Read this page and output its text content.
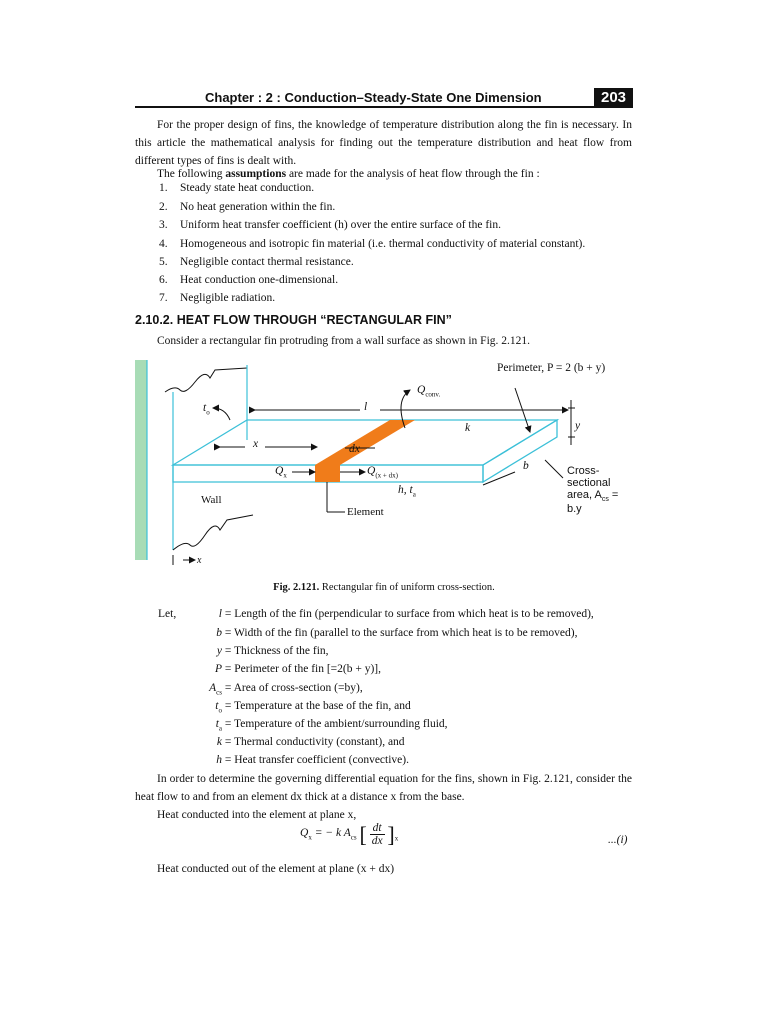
Chapter : 2 : Conduction–Steady-State One Dimension	203
For the proper design of fins, the knowledge of temperature distribution along the fin is necessary. In this article the mathematical analysis for finding out the temperature distribution and heat flow from different types of fins is dealt with.
The following assumptions are made for the analysis of heat flow through the fin :
1. Steady state heat conduction.
2. No heat generation within the fin.
3. Uniform heat transfer coefficient (h) over the entire surface of the fin.
4. Homogeneous and isotropic fin material (i.e. thermal conductivity of material constant).
5. Negligible contact thermal resistance.
6. Heat conduction one-dimensional.
7. Negligible radiation.
2.10.2. HEAT FLOW THROUGH “RECTANGULAR FIN”
Consider a rectangular fin protruding from a wall surface as shown in Fig. 2.121.
Perimeter, P = 2 (b + y)
$Q_{conv.}$
$t_o$	l
k	y
x	dx
b
$Q_x$	$Q_{(x + dx)}$	Cross-sectional
area, $A_{cs} = b.y$
h, $t_a$
Wall
Element
x
Fig. 2.121. Rectangular fin of uniform cross-section.
Let,	l = Length of the fin (perpendicular to surface from which heat is to be removed),
b = Width of the fin (parallel to the surface from which heat is to be removed),
y = Thickness of the fin,
P = Perimeter of the fin [=2(b + y)],
$A_{cs}$ = Area of cross-section (=by),
$t_o$ = Temperature at the base of the fin, and
$t_a$ = Temperature of the ambient/surrounding fluid,
k = Thermal conductivity (constant), and
h = Heat transfer coefficient (convective).
In order to determine the governing differential equation for the fins, shown in Fig. 2.121, consider the heat flow to and from an element dx thick at a distance x from the base.
Heat conducted into the element at plane x,
$Q_x$ = − k $A_{cs}$ [ $\frac{dt}{dx} ]_x$	...(i)
Heat conducted out of the element at plane (x + dx)
